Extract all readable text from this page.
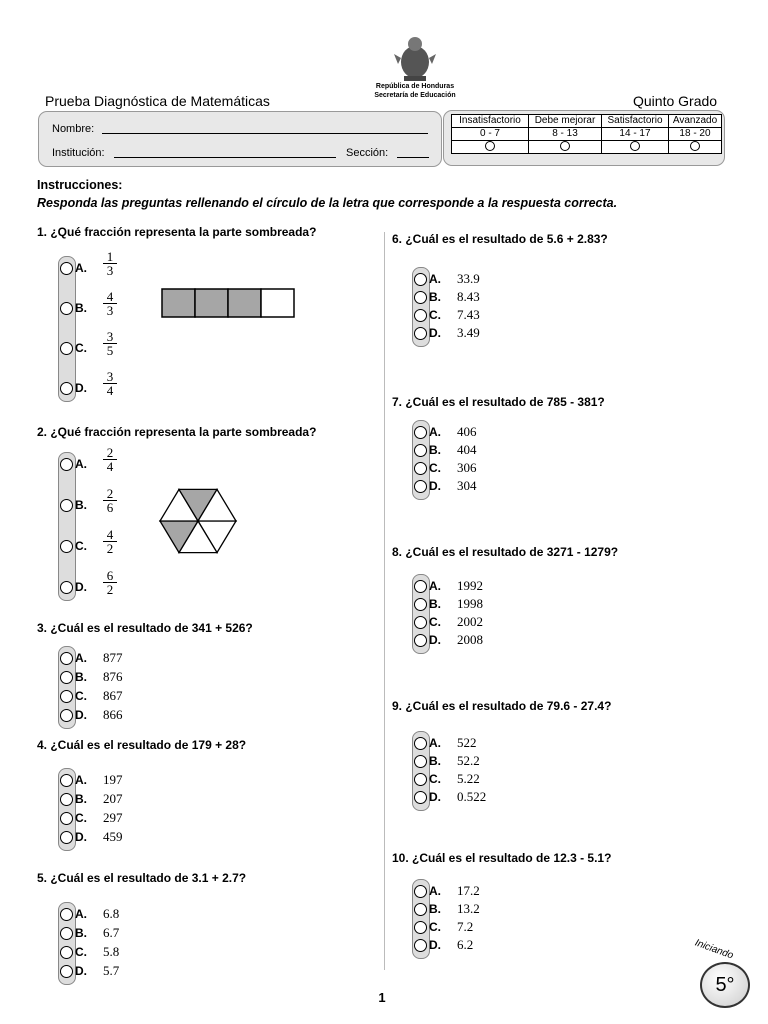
República de Honduras
Secretaría de Educación
Prueba Diagnóstica de Matemáticas	Quinto Grado
Nombre:
Institución:	Sección:
Insatisfactorio	Debe mejorar	Satisfactorio	Avanzado
0 - 7	8 - 13	14 - 17	18 - 20

Instrucciones:
Responda las preguntas rellenando el círculo de la letra que corresponde a la respuesta correcta.
1. ¿Qué fracción representa la parte sombreada?
A. $\frac{1}{3}$
B. $\frac{4}{3}$
C. $\frac{3}{5}$
D. $\frac{3}{4}$
2. ¿Qué fracción representa la parte sombreada?
A. $\frac{2}{4}$
B. $\frac{2}{6}$
C. $\frac{4}{2}$
D. $\frac{6}{2}$
3. ¿Cuál es el resultado de 341 + 526?
A. 877
B. 876
C. 867
D. 866
4. ¿Cuál es el resultado de 179 + 28?
A. 197
B. 207
C. 297
D. 459
5. ¿Cuál es el resultado de 3.1 + 2.7?
A. 6.8
B. 6.7
C. 5.8
D. 5.7
6. ¿Cuál es el resultado de 5.6 + 2.83?
A. 33.9
B. 8.43
C. 7.43
D. 3.49
7. ¿Cuál es el resultado de 785 - 381?
A. 406
B. 404
C. 306
D. 304
8. ¿Cuál es el resultado de 3271 - 1279?
A. 1992
B. 1998
C. 2002
D. 2008
9. ¿Cuál es el resultado de 79.6 - 27.4?
A. 522
B. 52.2
C. 5.22
D. 0.522
10. ¿Cuál es el resultado de 12.3 - 5.1?
A. 17.2
B. 13.2
C. 7.2
D. 6.2
1
Iniciando
5°
